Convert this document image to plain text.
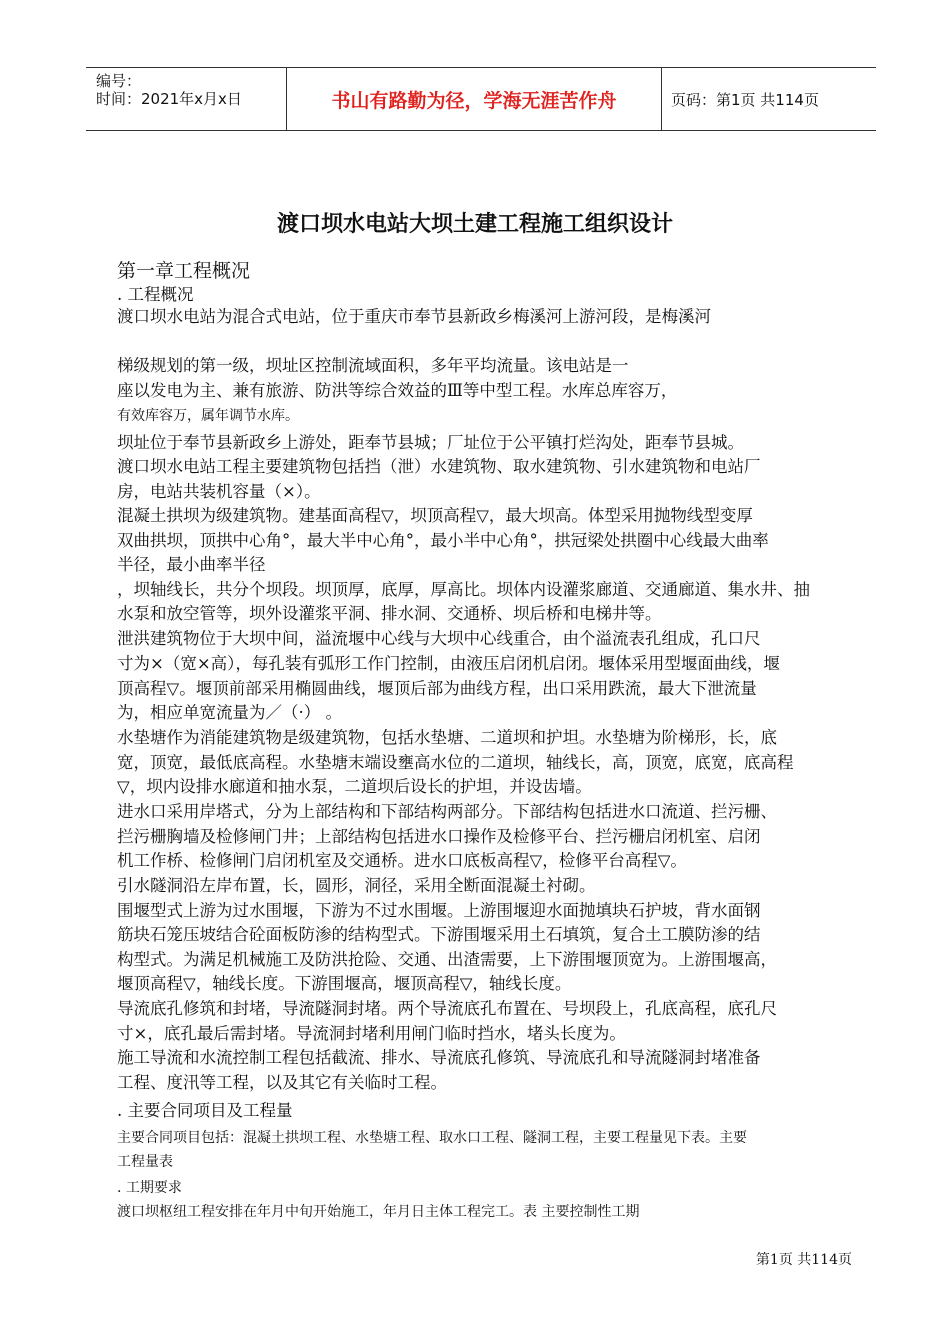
编号：
时间：2021年x月x日	书山有路勤为径，学海无涯苦作舟	页码：第1页 共114页
渡口坝水电站大坝土建工程施工组织设计
第一章工程概况
. 工程概况
渡口坝水电站为混合式电站，位于重庆市奉节县新政乡梅溪河上游河段，是梅溪河
梯级规划的第一级，坝址区控制流域面积，多年平均流量。该电站是一
座以发电为主、兼有旅游、防洪等综合效益的Ⅲ等中型工程。水库总库容万，
有效库容万，属年调节水库。
坝址位于奉节县新政乡上游处，距奉节县城；厂址位于公平镇打烂沟处，距奉节县城。
渡口坝水电站工程主要建筑物包括挡（泄）水建筑物、取水建筑物、引水建筑物和电站厂
房，电站共装机容量（×）。
混凝土拱坝为级建筑物。建基面高程▽，坝顶高程▽，最大坝高。体型采用抛物线型变厚
双曲拱坝，顶拱中心角°，最大半中心角°，最小半中心角°，拱冠梁处拱圈中心线最大曲率
半径，最小曲率半径
，坝轴线长，共分个坝段。坝顶厚，底厚，厚高比。坝体内设灌浆廊道、交通廊道、集水井、抽
水泵和放空管等，坝外设灌浆平洞、排水洞、交通桥、坝后桥和电梯井等。
泄洪建筑物位于大坝中间，溢流堰中心线与大坝中心线重合，由个溢流表孔组成，孔口尺
寸为×（宽×高），每孔装有弧形工作门控制，由液压启闭机启闭。堰体采用型堰面曲线，堰
顶高程▽。堰顶前部采用椭圆曲线，堰顶后部为曲线方程，出口采用跌流，最大下泄流量
为，相应单宽流量为／（·） 。
水垫塘作为消能建筑物是级建筑物，包括水垫塘、二道坝和护坦。水垫塘为阶梯形，长，底
宽，顶宽，最低底高程。水垫塘末端设壅高水位的二道坝，轴线长，高，顶宽，底宽，底高程
▽，坝内设排水廊道和抽水泵，二道坝后设长的护坦，并设齿墙。
进水口采用岸塔式，分为上部结构和下部结构两部分。下部结构包括进水口流道、拦污栅、
拦污栅胸墙及检修闸门井；上部结构包括进水口操作及检修平台、拦污栅启闭机室、启闭
机工作桥、检修闸门启闭机室及交通桥。进水口底板高程▽，检修平台高程▽。
引水隧洞沿左岸布置，长，圆形，洞径，采用全断面混凝土衬砌。
围堰型式上游为过水围堰，下游为不过水围堰。上游围堰迎水面抛填块石护坡，背水面钢
筋块石笼压坡结合砼面板防渗的结构型式。下游围堰采用土石填筑，复合土工膜防渗的结
构型式。为满足机械施工及防洪抢险、交通、出渣需要，上下游围堰顶宽为。上游围堰高，
堰顶高程▽，轴线长度。下游围堰高，堰顶高程▽，轴线长度。
导流底孔修筑和封堵，导流隧洞封堵。两个导流底孔布置在、号坝段上，孔底高程，底孔尺
寸×，底孔最后需封堵。导流洞封堵利用闸门临时挡水，堵头长度为。
施工导流和水流控制工程包括截流、排水、导流底孔修筑、导流底孔和导流隧洞封堵准备
工程、度汛等工程，以及其它有关临时工程。
. 主要合同项目及工程量
主要合同项目包括：混凝土拱坝工程、水垫塘工程、取水口工程、隧洞工程，主要工程量见下表。主要
工程量表
. 工期要求
渡口坝枢纽工程安排在年月中旬开始施工，年月日主体工程完工。表 主要控制性工期
第1页 共114页
